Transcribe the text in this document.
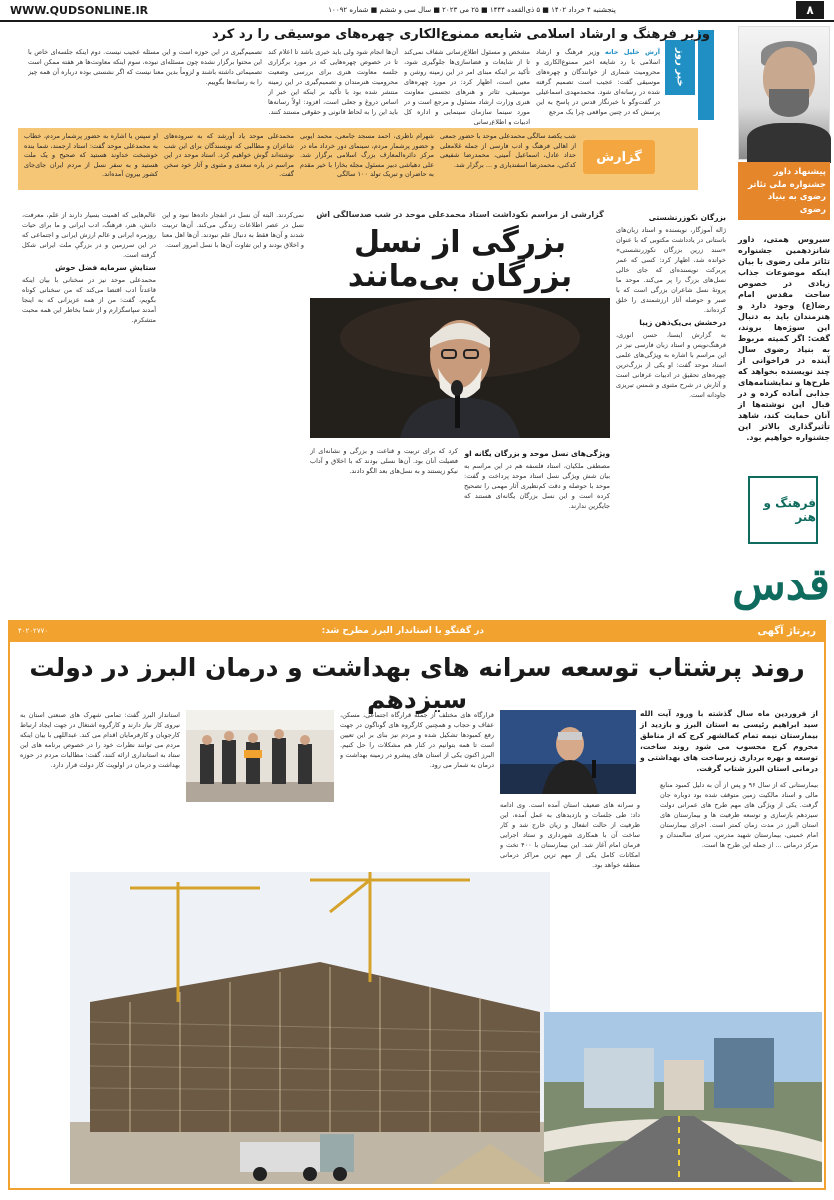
WWW.QUDSONLINE.IR	پنجشنبه ۴ خرداد ۱۴۰۲ ■ ۵ ذی‌القعده ۱۴۴۴ ■ ۲۵ می ۲۰۲۳ ■ سال سی و ششم ■ شماره ۱۰۰۹۲	۸
خبر روز
وزیر فرهنگ و ارشاد اسلامی شایعه ممنوع‌الکاری چهره‌های موسیقی را رد کرد
آرش خلیل خانه وزیر فرهنگ و ارشاد اسلامی با رد شایعه اخیر ممنوع‌الکاری و محرومیت شماری از خوانندگان و چهره‌های موسیقی گفت: عجیب است تصمیم گرفته شده در رسانه‌ای شود. محمدمهدی اسماعیلی در گفت‌وگو با خبرنگار قدس در پاسخ به این پرسش که در چنین مواقعی چرا یک مرجع
مشخص و مسئول اطلاع‌رسانی شفاف نمی‌کند تا از شایعات و فضاسازی‌ها جلوگیری شود، تأکید بر اینکه مبنای امر در این زمینه روشن و معین است، اظهار کرد: در مورد چهره‌های موسیقی، تئاتر و هنرهای تجسمی معاونت هنری وزارت ارشاد مسئول و مرجع است و در مورد سینما سازمان سینمایی و اداره کل ادبیات و اطلاع‌رسانی
آن‌ها انجام شود ولی باید خبری باشد تا اعلام کند تا در خصوص چهره‌هایی که در مورد برگزاری جلسه معاونت هنری برای بررسی وضعیت محرومیت هنرمندان و تصمیم‌گیری در این زمینه منتشر شده بود با تأکید بر اینکه این خبر از اساس دروغ و جعلی است، افزود: اولاً رسانه‌ها باید این را به لحاظ قانونی و حقوقی مستند کنند.
تصمیم‌گیری در این حوزه است و این مسئله عجیب نیست. دوم اینکه جلسه‌ای خاص با این محتوا برگزار نشده چون مسئله‌ای نبوده، سوم اینکه معاونت‌ها هر هفته ممکن است تصمیماتی داشته باشند و لزوماً بدین معنا نیست که اگر نشستی بوده درباره آن همه چیز را به رسانه‌ها بگوییم.
گزارش
شب یکصد سالگی محمدعلی موحد با حضور جمعی از اهالی فرهنگ و ادب فارسی از جمله غلامعلی حداد عادل، اسماعیل آمینی، محمدرضا شفیعی کدکنی، محمدرضا اسفندیاری و ... برگزار شد.
شهرام ناظری، احمد مسجد جامعی، محمد ایوبی و حضور پرشمار مردم، سینمای دور خرداد ماه در مرکز دائره‌المعارف بزرگ اسلامی برگزار شد. علی دهباشی دبیر مسئول مجله بخارا با خیر مقدم به حاضران و تبریک تولد ۱۰۰ سالگی
محمدعلی موحد یاد آورشد که به سروده‌های شاعران و مطالبی که نویسندگان برای این شب نوشته‌اند گوش خواهیم کرد. استاد موحد در این مراسم در باره سعدی و مثنوی و آثار خود سخن گفت.
او سپس با اشاره به حضور پرشمار مردم، خطاب به محمدعلی موحد گفت: استاد ارجمند، شما بنده خوشبخت خداوند هستید که صحیح و یک ملت هستید و به سفر نسل از مردم ایران جای‌جای کشور بیرون آمده‌اند.	پیشنهاد داور جشنواره ملی تئاتر رضوی به بنیاد رضوی
سیروس همتی، داور شانزدهمین جشنواره تئاتر ملی رضوی با بیان اینکه موضوعات جذاب زیادی در خصوص ساحت مقدس امام رضا(ع) وجود دارد و هنرمندان باید به دنبال این سوژه‌ها بروند، گفت: اگر کمیته مربوط به بنیاد رضوی سال آینده در فراخوانی از چند نویسنده بخواهد که طرح‌ها و نمایشنامه‌های جذابی آماده کرده و در قبال این نوشته‌ها از آنان حمایت کند، شاهد تأثیرگذاری بالاتر این جشنواره خواهیم بود.
فرهنگ و هنر
قدس
گزارشی از مراسم نکوداشت استاد محمدعلی موحد در شب صدسالگی اش
بزرگی از نسل
بزرگان بی‌مانند
بزرگان نکوزرنشستی
ژاله آموزگار، نویسنده و استاد زبان‌های باستانی در یادداشت مکتوبی که با عنوان «سند زرین بزرگان نکوزرنشستی» خوانده شد، اظهار کرد: کسی که عمر پربرکت نویسنده‌ای که جای خالی نسل‌های بزرگ را پر می‌کند. موحد ما پروتهٔ نسل شاعران بزرگی است که با صبر و حوصله آثار ارزشمندی را خلق کرده‌اند.
درخشش بی‌یک‌ذهن زیبا
به گزارش ایسنا، حسن انوری، فرهنگ‌نویس و استاد زبان فارسی نیز در این مراسم با اشاره به ویژگی‌های علمی استاد موحد گفت: او یکی از بزرگ‌ترین چهره‌های تحقیق در ادبیات عرفانی است و آثارش در شرح مثنوی و شمس تبریزی جاودانه است.
ویژگی‌های نسل موحد و بزرگان یگانه او
مصطفی ملکیان، استاد فلسفه هم در این مراسم به بیان شش ویژگی نسل استاد موحد پرداخت و گفت: موحد با حوصله و دقت کم‌نظیری آثار مهمی را تصحیح کرده است و این نسل بزرگان یگانه‌ای هستند که جایگزین ندارند.
کرد که برای تربیت و قناعت و بزرگی و نشانه‌ای از فضیلت آنان بود. آن‌ها نسلی بودند که با اخلاق و آداب نیکو زیستند و به نسل‌های بعد الگو دادند.
نمی‌کردند. البته آن نسل در انفجار داده‌ها نبود و این نسل در عصر اطلاعات زندگی می‌کند. آن‌ها تربیت شدند و آن‌ها فقط به دنبال علم نبودند. آن‌ها اهل معنا و اخلاق بودند و این تفاوت آن‌ها با نسل امروز است.
عالم‌هایی که اهمیت بسیار دارند از علم، معرفت، دانش، هنر، فرهنگ، ادب ایرانی و ما برای حیات روزمره ایرانی و عالم ارزش ایرانی و اجتماعی که در این سرزمین و در بزرگیِ ملت ایرانی شکل گرفته است.
ستایشِ سرمایه فضل حوش
محمدعلی موحد نیز در سخنانی با بیان اینکه قاعدتاً ادب اقتضا می‌کند که من سخنانی کوتاه بگویم، گفت: من از همه عزیزانی که به اینجا آمدند سپاسگزارم و از شما بخاطر این همه محبت متشکرم.
رپرتاژ آگهی
در گفتگو با استاندار البرز مطرح شد:
۴۰۲۰۲۷۷۰
روند پرشتاب توسعه سرانه های بهداشت و درمان البرز در دولت سیزدهم	از فروردین ماه سال گذشته با ورود آیت الله سید ابراهیم رئیسی به استان البرز و بازدید از بیمارستان نیمه تمام کمالشهر کرج که از مناطق محروم کرج محسوب می شود روند ساخت، توسعه و بهره برداری زیرساخت های بهداشتی و درمانی استان البرز شتاب گرفت.
بیمارستانی که از سال ۹۶ و پس از آن به دلیل کمبود منابع مالی و اسناد مالکیت زمین متوقف شده بود دوباره جان گرفت. یکی از ویژگی های مهم طرح های عمرانی دولت سیزدهم بازسازی و توسعه ظرفیت ها و بیمارستان های استان البرز در مدت زمان کمتر است. اجرای بیمارستان امام خمینی، بیمارستان شهید مدرس، سرای سالمندان و مرکز درمانی ... از جمله این طرح ها است.
و سرانه های ضعیف استان آمده است. وی ادامه داد: طی جلسات و بازدیدهای به عمل آمده، این ظرفیت از حالت انفعال و زیان خارج شد و کار ساخت آن با همکاری شهرداری و ستاد اجرایی فرمان امام آغاز شد. این بیمارستان با ۴۰۰ تخت و امکانات کامل یکی از مهم ترین مراکز درمانی منطقه خواهد بود.
قرارگاه های مختلف از جمله قرارگاه اجتماعی، مسکن، عفاف و حجاب و همچنین کارگروه های گوناگون در جهت رفع کمبودها تشکیل شده و مردم نیز بنای بر این تعیین است تا همه بتوانیم در کنار هم مشکلات را حل کنیم. البرز اکنون یکی از استان های پیشرو در زمینه بهداشت و درمان به شمار می رود.
استاندار البرز گفت: تمامی شهرک های صنعتی استان به نیروی کار نیاز دارند و کارگروه اشتغال در جهت ایجاد ارتباط کارجویان و کارفرمایان اقدام می کند. عبداللهی با بیان اینکه مردم می توانند نظرات خود را در خصوص برنامه های این ستاد به استانداری ارائه کنند، گفت: مطالبات مردم در حوزه بهداشت و درمان در اولویت کار دولت قرار دارد.
